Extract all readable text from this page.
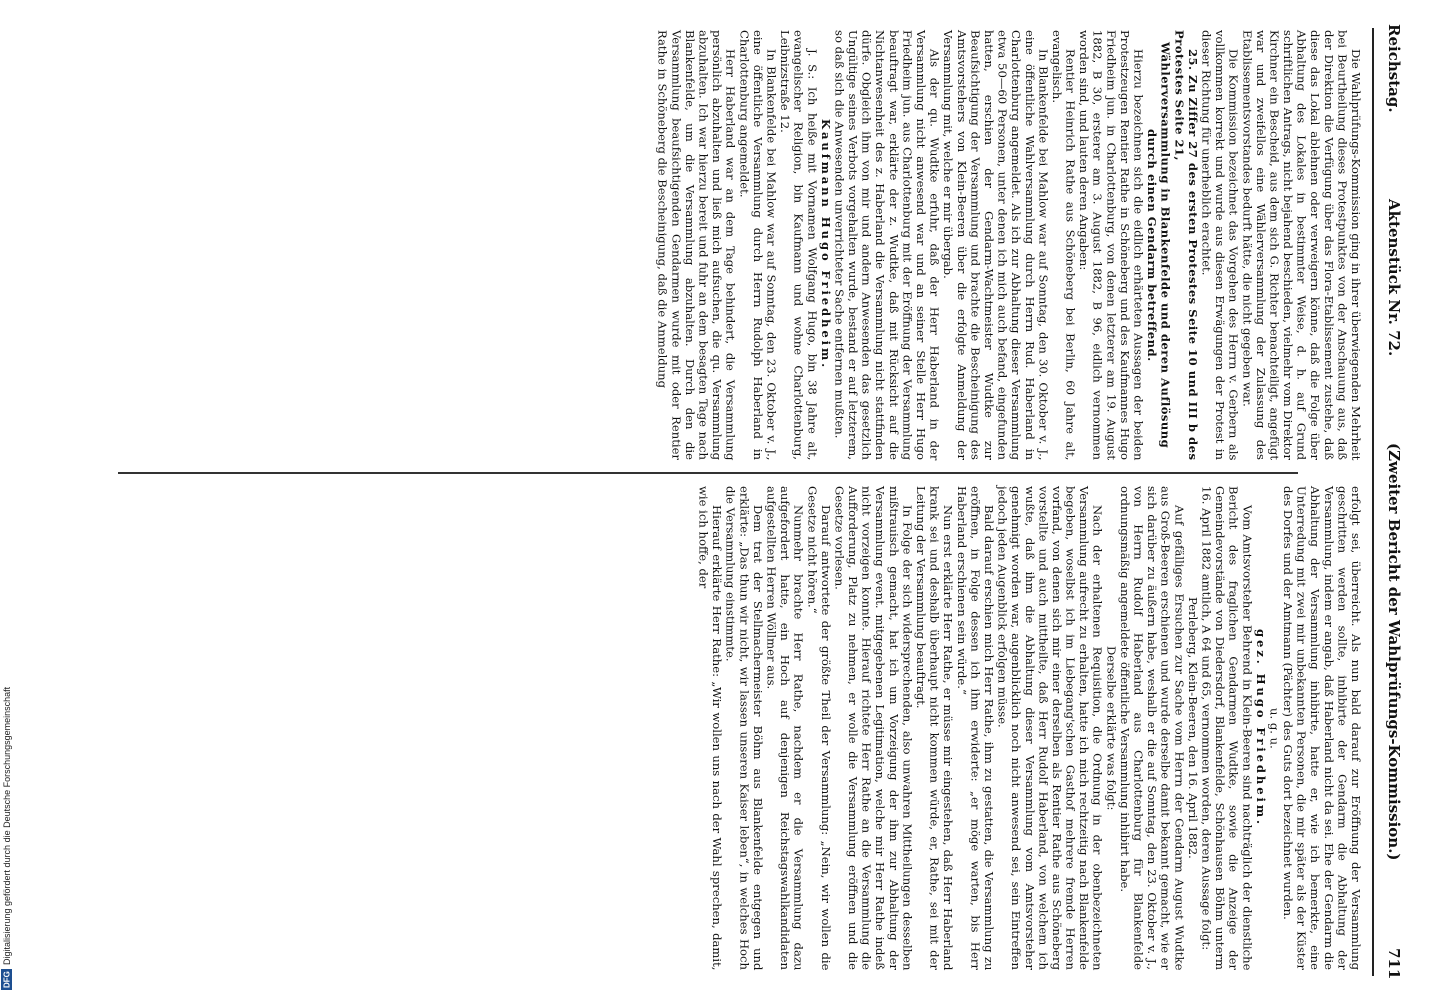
Reichstag.
Aktenstück Nr. 72.
(Zweiter Bericht der Wahlprüfungs-Kommission.)
711

Die Wahlprüfungs-Kommission ging in ihrer überwiegenden Mehrheit bei Beurtheilung dieses Protestpunktes von der Anschauung aus, daß der Direktion die Verfügung über das Flora-Etablissement zustehe, daß diese das Lokal ablehnen oder verweigern könne, daß die Folge über Abhaltung des Lokales in bestimmter Weise, d. h. auf Grund schriftlichen Antrags, nicht bejahend beschieden, vielmehr vom Direktor Kirchner ein Bescheid, aus dem sich G. Richter benachteiligt, angefügt war und zweifellos eine Wählerversammlung der Zulassung des Etablissementsvorstandes bedurft hätte, die nicht gegeben war.

Die Kommission bezeichnet das Vorgehen des Herrn v. Gerbern als vollkommen korrekt und wurde aus diesen Erwägungen der Protest in dieser Richtung für unerheblich erachtet.

25. Zu Ziffer 27 des ersten Protestes Seite 10 und III b des Protestes Seite 21,

Wählerversammlung in Blankenfelde und deren Auflösung durch einen Gendarm betreffend.

Hierzu bezeichnen sich die eidlich erhärteten Aussagen der beiden Protestzeugen Rentier Rathe in Schöneberg und des Kaufmannes Hugo Friedheim jun. in Charlottenburg, von denen letzterer am 19. August 1882, B 30, ersterer am 3. August 1882, B 96, eidlich vernommen worden sind, und lauten deren Angaben:

Rentier Heinrich Rathe aus Schöneberg bei Berlin, 60 Jahre alt, evangelisch.

In Blankenfelde bei Mahlow war auf Sonntag, den 30. Oktober v. J., eine öffentliche Wahlversammlung durch Herrn Rud. Haberland in Charlottenburg angemeldet. Als ich zur Abhaltung dieser Versammlung etwa 50—60 Personen, unter denen ich mich auch befand, eingefunden hatten, erschien der Gendarm-Wachtmeister Wudtke zur Beaufsichtigung der Versammlung und brachte die Bescheinigung des Amtsvorstehers von Klein-Beeren über die erfolgte Anmeldung der Versammlung mit, welche er mir übergab.

Als der qu. Wudtke erfuhr, daß der Herr Haberland in der Versammlung nicht anwesend war und an seiner Stelle Herr Hugo Friedheim jun. aus Charlottenburg mit der Eröffnung der Versammlung beauftragt war, erklärte der z. Wudtke, daß mit Rücksicht auf die Nichtanwesenheit des z. Haberland die Versammlung nicht stattfinden dürfe. Obgleich ihm von mir und andern Anwesenden das gesetzlich Ungültige seines Verbots vorgehalten wurde, bestand er auf letzterem, so daß sich die Anwesenden unverrichteter Sache entfernen mußten.

Kaufmann Hugo Friedheim.

J. S.: Ich heiße mit Vornamen Wolfgang Hugo, bin 38 Jahre alt, evangelischer Religion, bin Kaufmann und wohne Charlottenburg, Leibnizstraße 12.

In Blankenfelde bei Mahlow war auf Sonntag, den 23. Oktober v. J., eine öffentliche Versammlung durch Herrn Rudolph Haberland in Charlottenburg angemeldet.

Herr Haberland war an dem Tage behindert, die Versammlung persönlich abzuhalten und ließ mich aufsuchen, die qu. Versammlung abzuhalten. Ich war hierzu bereit und fuhr an dem besagten Tage nach Blankenfelde, um die Versammlung abzuhalten. Durch den die Versammlung beaufsichtigenden Gendarmen wurde mit oder Rentier Rathe in Schöneberg die Bescheinigung, daß die Anmeldung

erfolgt sei, überreicht. Als nun bald darauf zur Eröffnung der Versammlung geschritten werden sollte, inhibirte der Gendarm die Abhaltung der Versammlung, indem er angab, daß Haberland nicht da sei. Ehe der Gendarm die Abhaltung der Versammlung inhibirte, hatte er, wie ich bemerkte, eine Unterredung mit zwei mir unbekannten Personen, die mir später als der Küster des Dorfes und der Amtmann (Pächter) des Guts dort bezeichnet wurden.

u. g. u.

gez. Hugo Friedheim.

Vom Amtsvorsteher Behrend in Klein-Beeren sind nachträglich der dienstliche Bericht des fraglichen Gendarmen Wudtke, sowie die Anzeige der Gemeindevorstände von Diedersdorf, Blankenfelde, Schönhausen Böhm unterm 16. April 1882 amtlich, A 64 und 65, vernommen worden, deren Aussage folgt:

Perleberg, Klein-Beeren, den 16. April 1882.

Auf gefälliges Ersuchen zur Sache vom Herrn der Gendarm August Wudtke aus Groß-Beeren erschienen und wurde derselbe damit bekannt gemacht, wie er sich darüber zu äußern habe, weshalb er die auf Sonntag, den 23. Oktober v. J., von Herrn Rudolf Haberland aus Charlottenburg für Blankenfelde ordnungsmäßig angemeldete öffentliche Versammlung inhibirt habe.

Derselbe erklärte was folgt:

Nach der erhaltenen Requisition, die Ordnung in der obenbezeichneten Versammlung aufrecht zu erhalten, hatte ich mich rechtzeitig nach Blankenfelde begeben, woselbst ich im Liebegang'schen Gasthof mehrere fremde Herren vorfand, von denen sich mir einer derselben als Rentier Rathe aus Schöneberg vorstellte und auch mittheilte, daß Herr Rudolf Haberland, von welchem ich wußte, daß ihm die Abhaltung dieser Versammlung vom Amtsvorsteher genehmigt worden war, augenblicklich noch nicht anwesend sei, sein Eintreffen jedoch jeden Augenblick erfolgen müsse.

Bald darauf erschien mich Herr Rathe, ihm zu gestatten, die Versammlung zu eröffnen, in Folge dessen ich ihm erwiderte: „er möge warten, bis Herr Haberland erschienen sein würde.“

Nun erst erklärte Herr Rathe, er müsse mir eingestehen, daß Herr Haberland krank sei und deshalb überhaupt nicht kommen würde, er, Rathe, sei mit der Leitung der Versammlung beauftragt.

In Folge der sich widersprechenden, also unwahren Mittheilungen desselben mißtrauisch gemacht, hat ich um Vorzeigung der ihm zur Abhaltung der Versammlung event. mitgegebenen Legitimation, welche mir Herr Rathe indeß nicht vorzeigen konnte. Hierauf richtete Herr Rathe an die Versammlung die Aufforderung, Platz zu nehmen, er wolle die Versammlung eröffnen und die Gesetze vorlesen.

Darauf antwortete der größte Theil der Versammlung: „Nein, wir wollen die Gesetze nicht hören.“

Nunmehr brachte Herr Rathe, nachdem er die Versammlung dazu aufgefordert hatte, ein Hoch auf denjenigen Reichstagswahlkandidaten aufgestellten Herren Wöllmer aus.

Dem trat der Stellmachermeister Böhm aus Blankenfelde entgegen und erklärte: „Das thun wir nicht, wir lassen unseren Kaiser leben“, in welches Hoch die Versammlung einstimmte.

Hierauf erklärte Herr Rathe: „Wir wollen uns nach der Wahl sprechen, damit, wie ich hoffe, der

DFG
Digitalisierung gefördert durch die Deutsche Forschungsgemeinschaft
